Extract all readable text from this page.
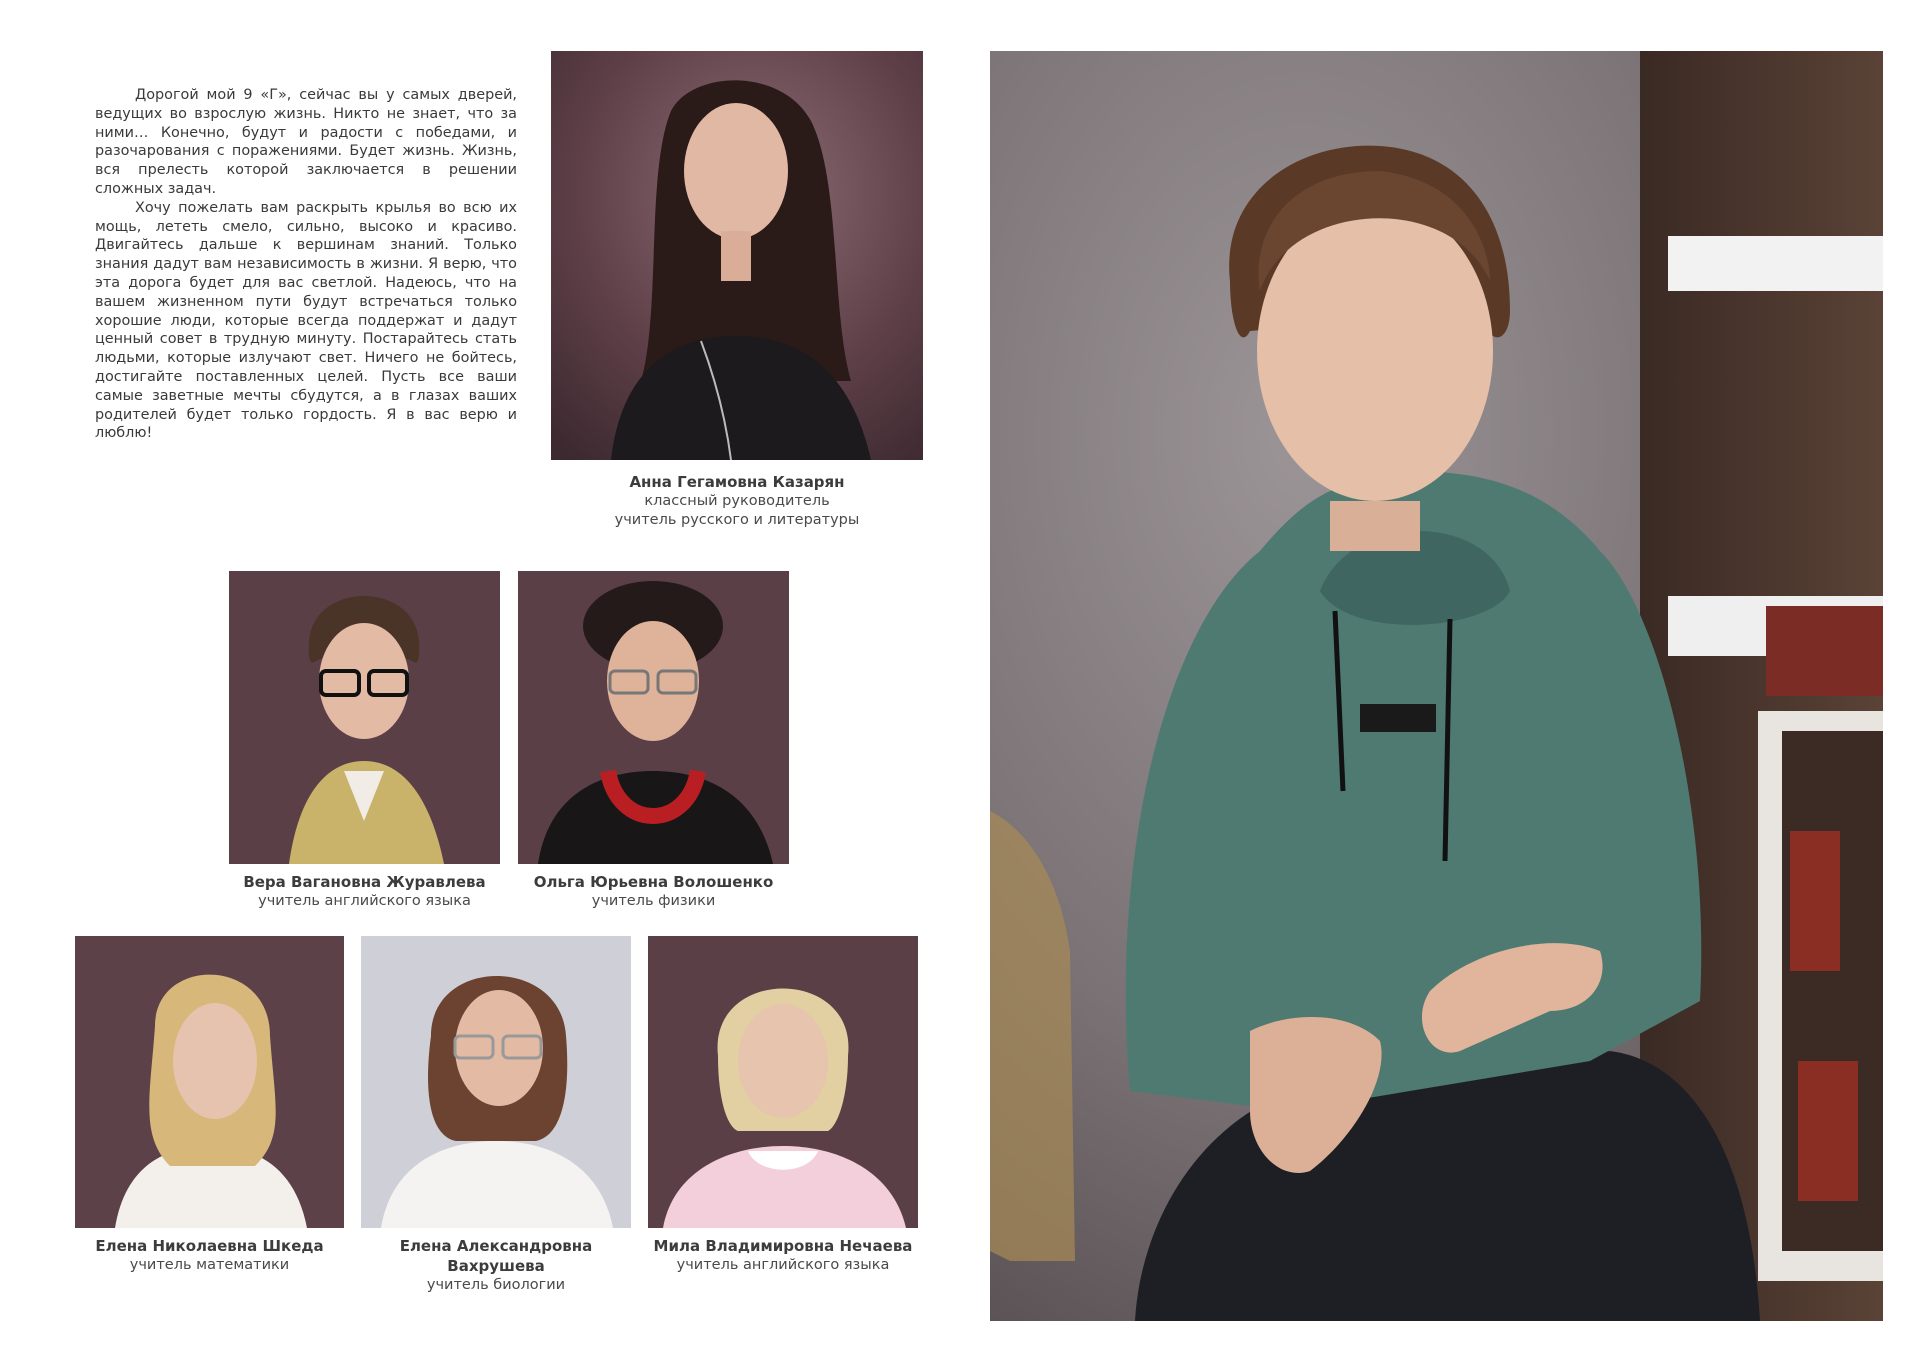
Дорогой мой 9 «Г», сейчас вы у самых дверей, ведущих во взрослую жизнь. Никто не знает, что за ними… Конечно, будут и радости с победами, и разочарования с поражениями. Будет жизнь. Жизнь, вся прелесть которой заключается в решении сложных задач.

Хочу пожелать вам раскрыть крылья во всю их мощь, лететь смело, сильно, высоко и красиво. Двигайтесь дальше к вершинам знаний. Только знания дадут вам независимость в жизни. Я верю, что эта дорога будет для вас светлой. Надеюсь, что на вашем жизненном пути будут встречаться только хорошие люди, которые всегда поддержат и дадут ценный совет в трудную минуту. Постарайтесь стать людьми, которые излучают свет. Ничего не бойтесь, достигайте поставленных целей. Пусть все ваши самые заветные мечты сбудутся, а в глазах ваших родителей будет только гордость. Я в вас верю и люблю!

Анна Гегамовна Казарян
классный руководитель
учитель русского и литературы
Вера Вагановна Журавлева
учитель английского языка
Ольга Юрьевна Волошенко
учитель физики
Елена Николаевна Шкеда
учитель математики
Елена Александровна Вахрушева
учитель биологии
Мила Владимировна Нечаева
учитель английского языка
